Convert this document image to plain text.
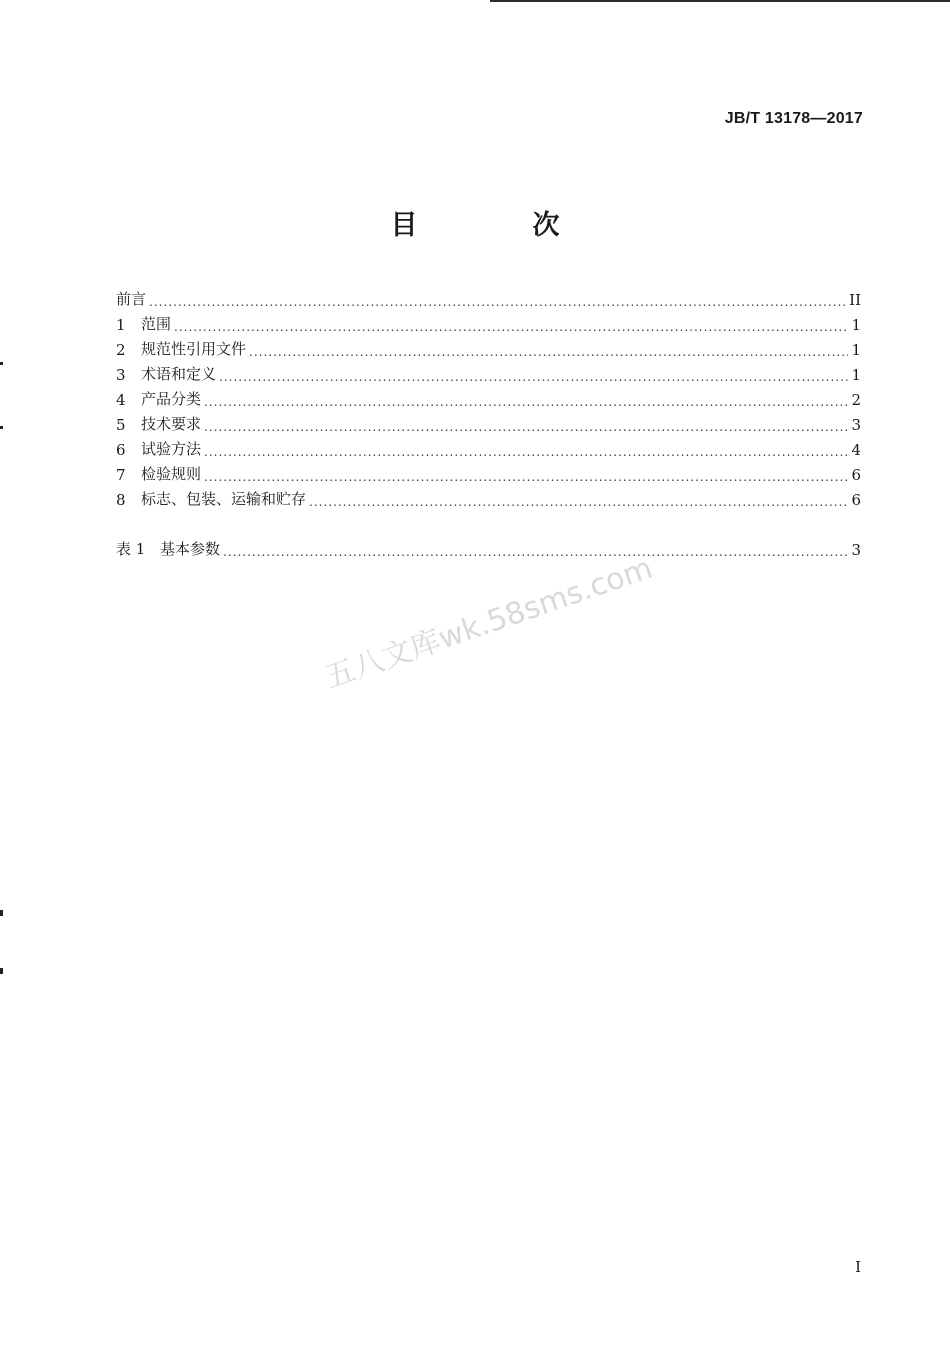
JB/T 13178—2017
目　次
前言 .....	II
1	范围 .....	1
2	规范性引用文件 .....	1
3	术语和定义 .....	1
4	产品分类 .....	2
5	技术要求 .....	3
6	试验方法 .....	4
7	检验规则 .....	6
8	标志、包装、运输和贮存 .....	6
表 1 基本参数 .....	3
五八文库wk.58sms.com
I
